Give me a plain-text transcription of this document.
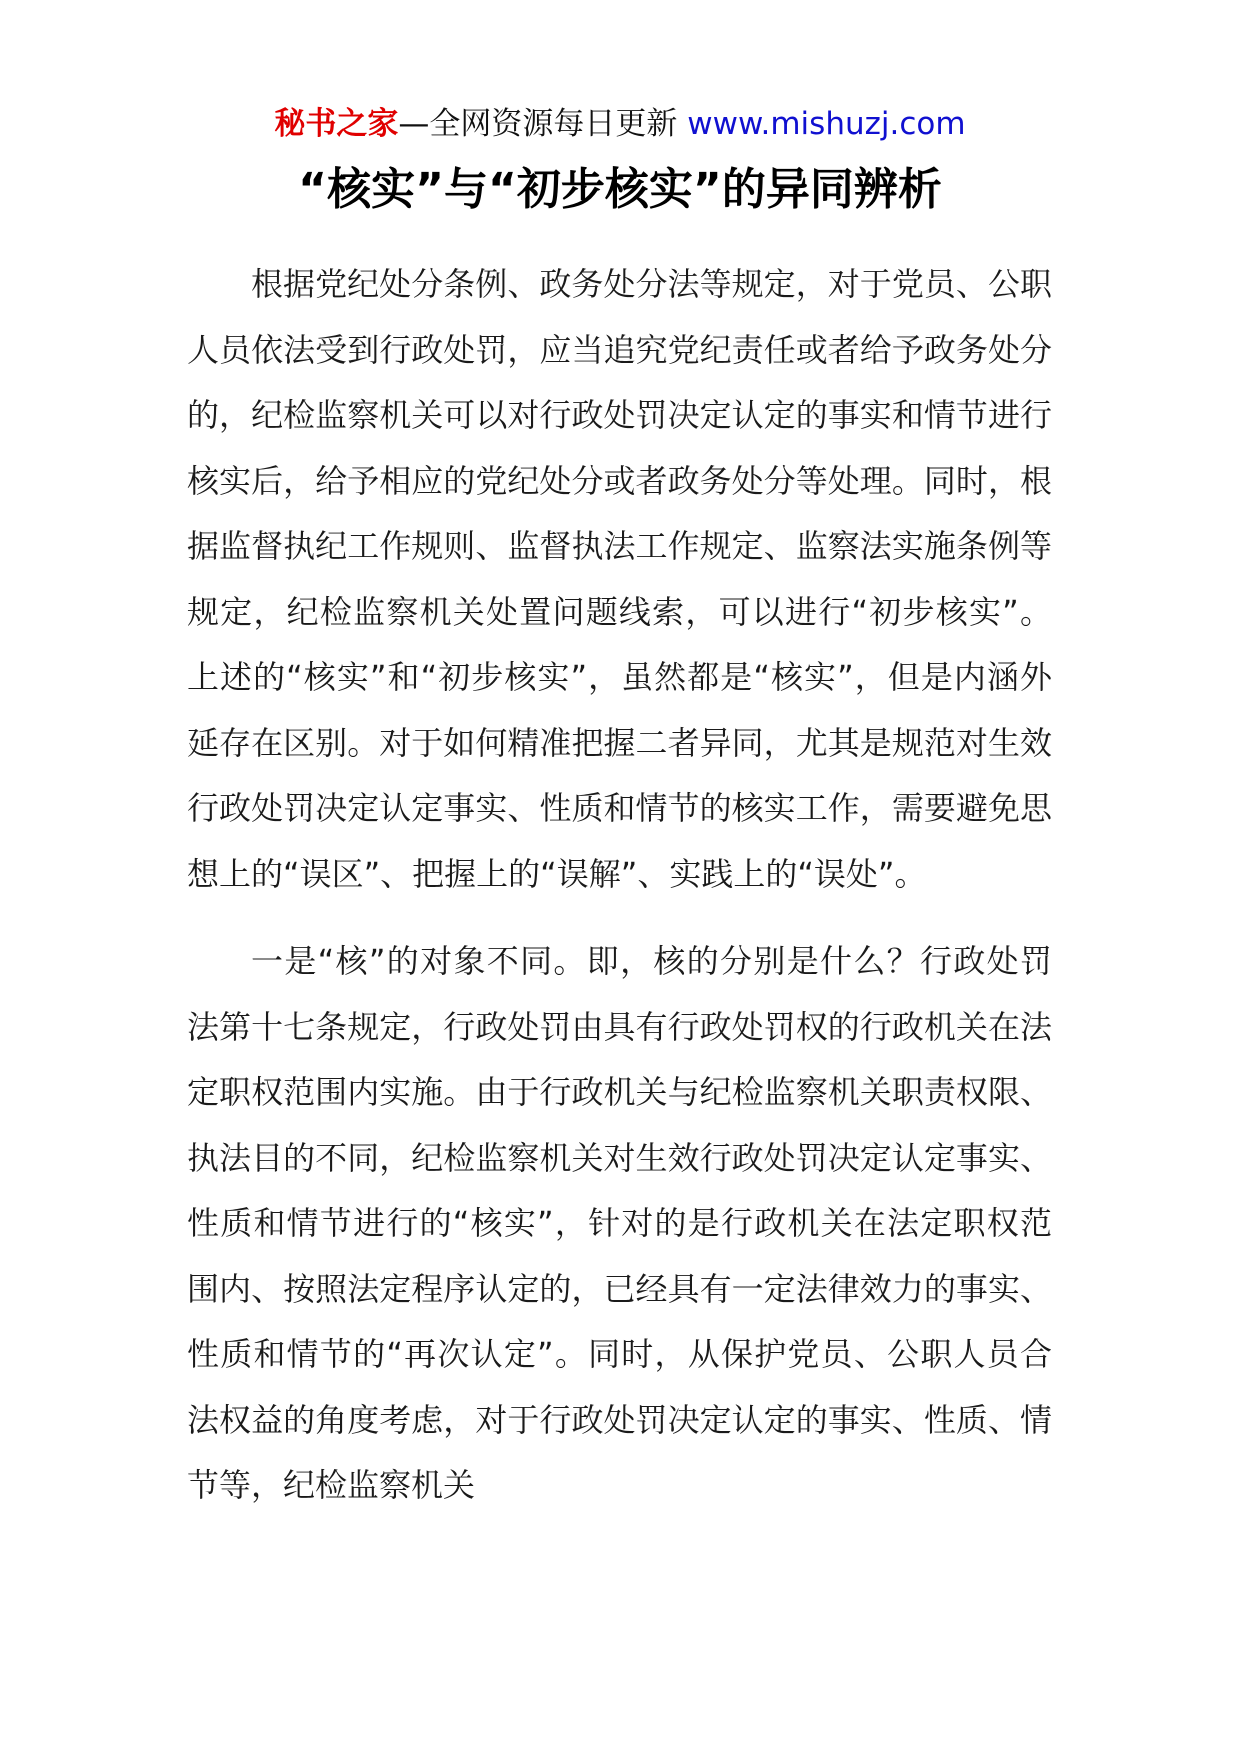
秘书之家—全网资源每日更新 www.mishuzj.com
“核实”与“初步核实”的异同辨析

根据党纪处分条例、政务处分法等规定，对于党员、公职人员依法受到行政处罚，应当追究党纪责任或者给予政务处分的，纪检监察机关可以对行政处罚决定认定的事实和情节进行核实后，给予相应的党纪处分或者政务处分等处理。同时，根据监督执纪工作规则、监督执法工作规定、监察法实施条例等规定，纪检监察机关处置问题线索，可以进行“初步核实”。上述的“核实”和“初步核实”，虽然都是“核实”，但是内涵外延存在区别。对于如何精准把握二者异同，尤其是规范对生效行政处罚决定认定事实、性质和情节的核实工作，需要避免思想上的“误区”、把握上的“误解”、实践上的“误处”。

一是“核”的对象不同。即，核的分别是什么？行政处罚法第十七条规定，行政处罚由具有行政处罚权的行政机关在法定职权范围内实施。由于行政机关与纪检监察机关职责权限、执法目的不同，纪检监察机关对生效行政处罚决定认定事实、性质和情节进行的“核实”，针对的是行政机关在法定职权范围内、按照法定程序认定的，已经具有一定法律效力的事实、性质和情节的“再次认定”。同时，从保护党员、公职人员合法权益的角度考虑，对于行政处罚决定认定的事实、性质、情节等，纪检监察机关
